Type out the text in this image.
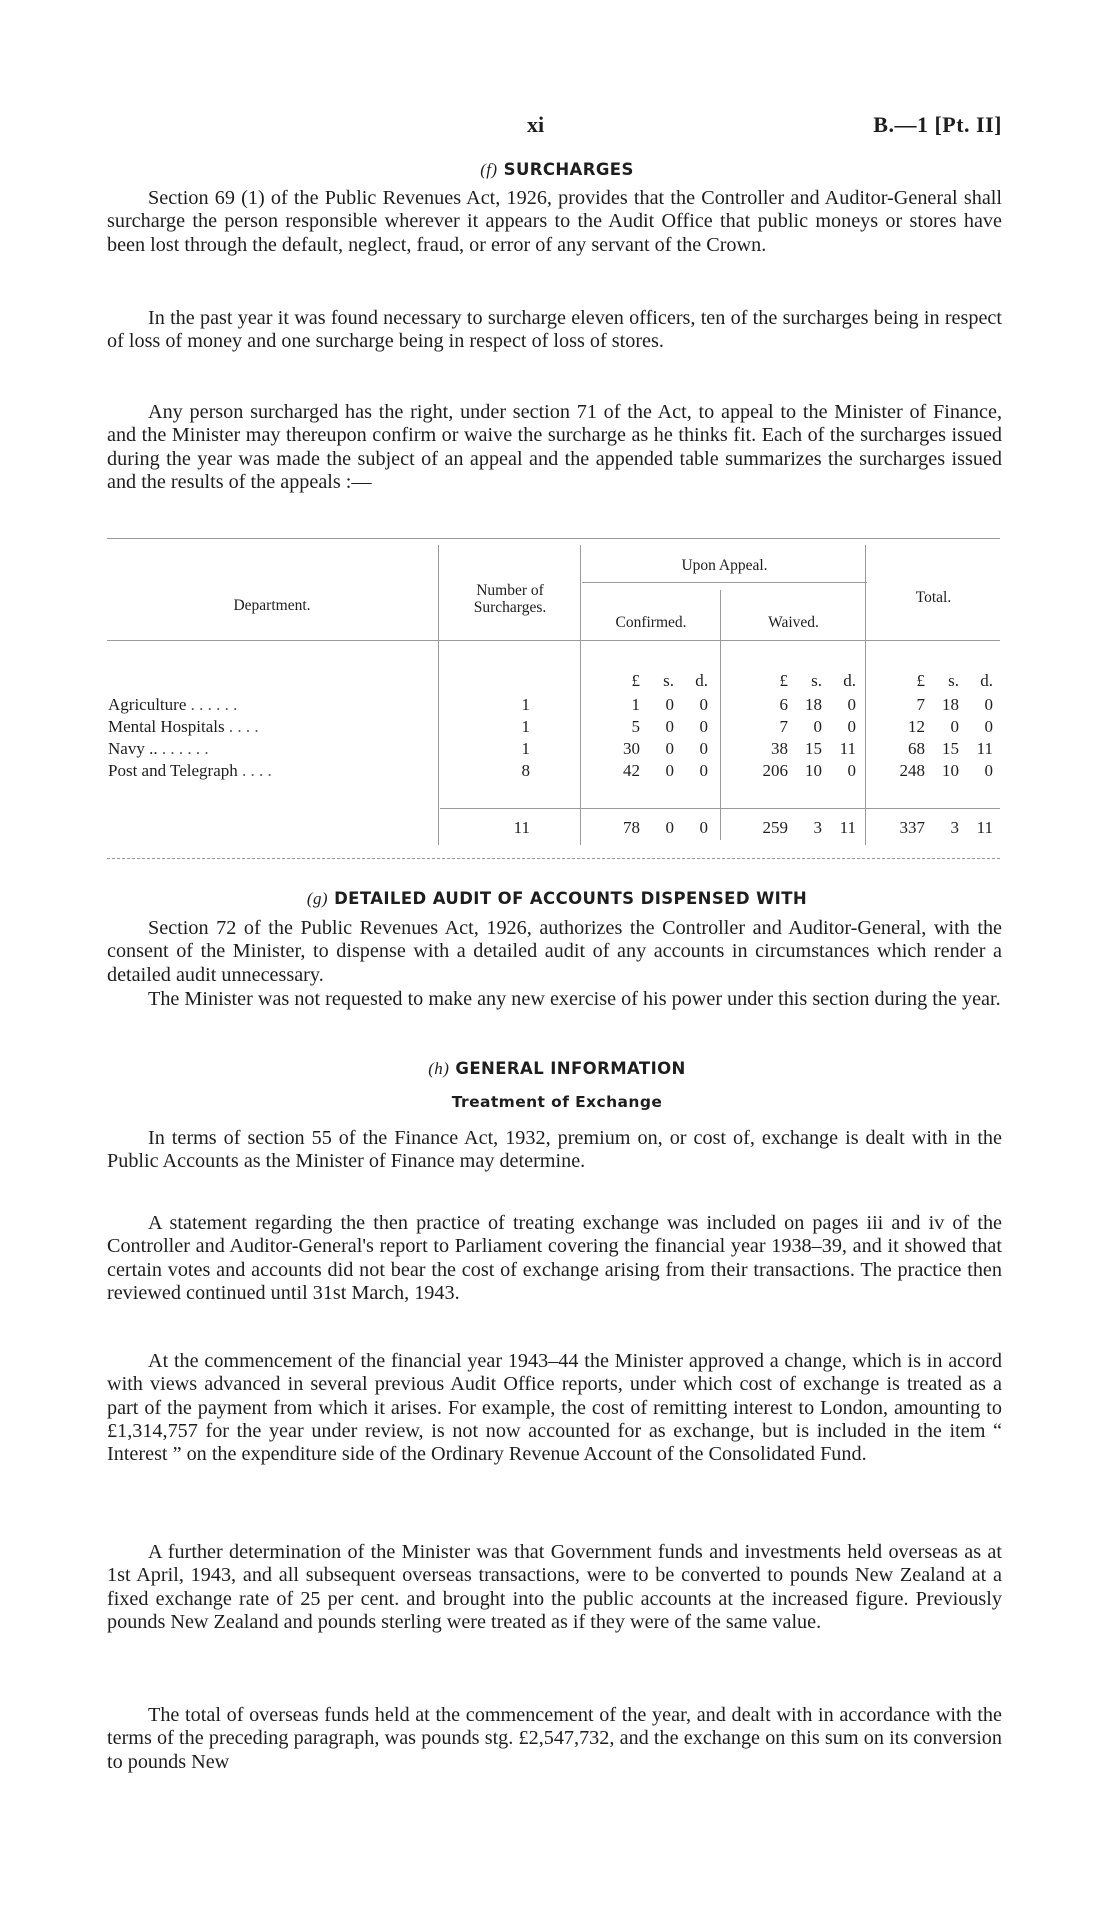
xi	B.—1 [Pt. II]
(f) SURCHARGES

Section 69 (1) of the Public Revenues Act, 1926, provides that the Controller and Auditor-General shall surcharge the person responsible wherever it appears to the Audit Office that public moneys or stores have been lost through the default, neglect, fraud, or error of any servant of the Crown.

In the past year it was found necessary to surcharge eleven officers, ten of the surcharges being in respect of loss of money and one surcharge being in respect of loss of stores.

Any person surcharged has the right, under section 71 of the Act, to appeal to the Minister of Finance, and the Minister may thereupon confirm or waive the surcharge as he thinks fit. Each of the surcharges issued during the year was made the subject of an appeal and the appended table summarizes the surcharges issued and the results of the appeals :—

Department.
Number of Surcharges.
Upon Appeal.
Confirmed.	Waived.
Total.
£ s. d.	£ s. d.	£ s. d.
Agriculture . . . . . .	1	1 0 0	6 18 0	7 18 0
Mental Hospitals . . . .	1	5 0 0	7 0 0	12 0 0
Navy .. . . . . . .	1	30 0 0	38 15 11	68 15 11
Post and Telegraph . . . .	8	42 0 0	206 10 0	248 10 0
11	78 0 0	259 3 11	337 3 11
(g) DETAILED AUDIT OF ACCOUNTS DISPENSED WITH

Section 72 of the Public Revenues Act, 1926, authorizes the Controller and Auditor-General, with the consent of the Minister, to dispense with a detailed audit of any accounts in circumstances which render a detailed audit unnecessary.

The Minister was not requested to make any new exercise of his power under this section during the year.

(h) GENERAL INFORMATION
Treatment of Exchange

In terms of section 55 of the Finance Act, 1932, premium on, or cost of, exchange is dealt with in the Public Accounts as the Minister of Finance may determine.

A statement regarding the then practice of treating exchange was included on pages iii and iv of the Controller and Auditor-General's report to Parliament covering the financial year 1938–39, and it showed that certain votes and accounts did not bear the cost of exchange arising from their transactions. The practice then reviewed continued until 31st March, 1943.

At the commencement of the financial year 1943–44 the Minister approved a change, which is in accord with views advanced in several previous Audit Office reports, under which cost of exchange is treated as a part of the payment from which it arises. For example, the cost of remitting interest to London, amounting to £1,314,757 for the year under review, is not now accounted for as exchange, but is included in the item “ Interest ” on the expenditure side of the Ordinary Revenue Account of the Consolidated Fund.

A further determination of the Minister was that Government funds and investments held overseas as at 1st April, 1943, and all subsequent overseas transactions, were to be converted to pounds New Zealand at a fixed exchange rate of 25 per cent. and brought into the public accounts at the increased figure. Previously pounds New Zealand and pounds sterling were treated as if they were of the same value.

The total of overseas funds held at the commencement of the year, and dealt with in accordance with the terms of the preceding paragraph, was pounds stg. £2,547,732, and the exchange on this sum on its conversion to pounds New
